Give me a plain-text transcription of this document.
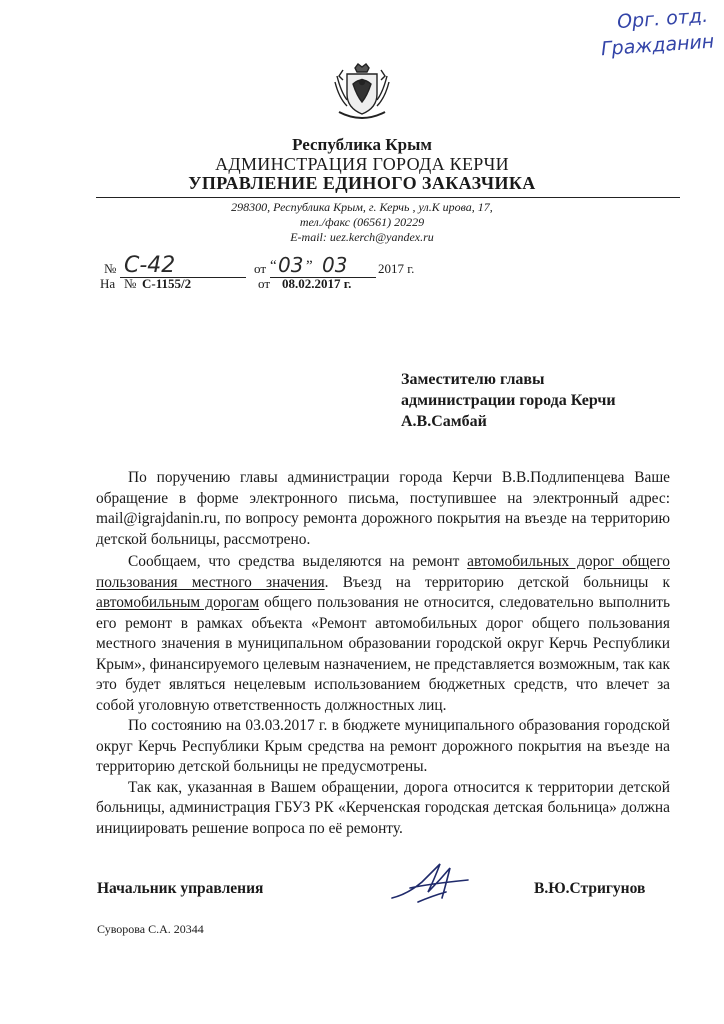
Орг. отд.
Гражданин
Республика Крым
АДМИНСТРАЦИЯ ГОРОДА КЕРЧИ
УПРАВЛЕНИЕ ЕДИНОГО ЗАКАЗЧИКА
298300, Республика Крым, г. Керчь , ул.К ирова, 17,
тел./факс (06561) 20229
E-mail: uez.kerch@yandex.ru
№ С-42	от “ 03 ” 03 2017 г.
На № С-1155/2	от 08.02.2017 г.
Заместителю главы
администрации города Керчи
А.В.Самбай

По поручению главы администрации города Керчи В.В.Подлипенцева Ваше обращение в форме электронного письма, поступившее на электронный адрес: mail@igrajdanin.ru, по вопросу ремонта дорожного покрытия на въезде на территорию детской больницы, рассмотрено.

Сообщаем, что средства выделяются на ремонт автомобильных дорог общего пользования местного значения. Въезд на территорию детской больницы к автомобильным дорогам общего пользования не относится, следовательно выполнить его ремонт в рамках объекта «Ремонт автомобильных дорог общего пользования местного значения в муниципальном образовании городской округ Керчь Республики Крым», финансируемого целевым назначением, не представляется возможным, так как это будет являться нецелевым использованием бюджетных средств, что влечет за собой уголовную ответственность должностных лиц.

По состоянию на 03.03.2017 г. в бюджете муниципального образования городской округ Керчь Республики Крым средства на ремонт дорожного покрытия на въезде на территорию детской больницы не предусмотрены.

Так как, указанная в Вашем обращении, дорога относится к территории детской больницы, администрация ГБУЗ РК «Керченская городская детская больница» должна инициировать решение вопроса по её ремонту.

Начальник управления	В.Ю.Стригунов
Суворова С.А. 20344
